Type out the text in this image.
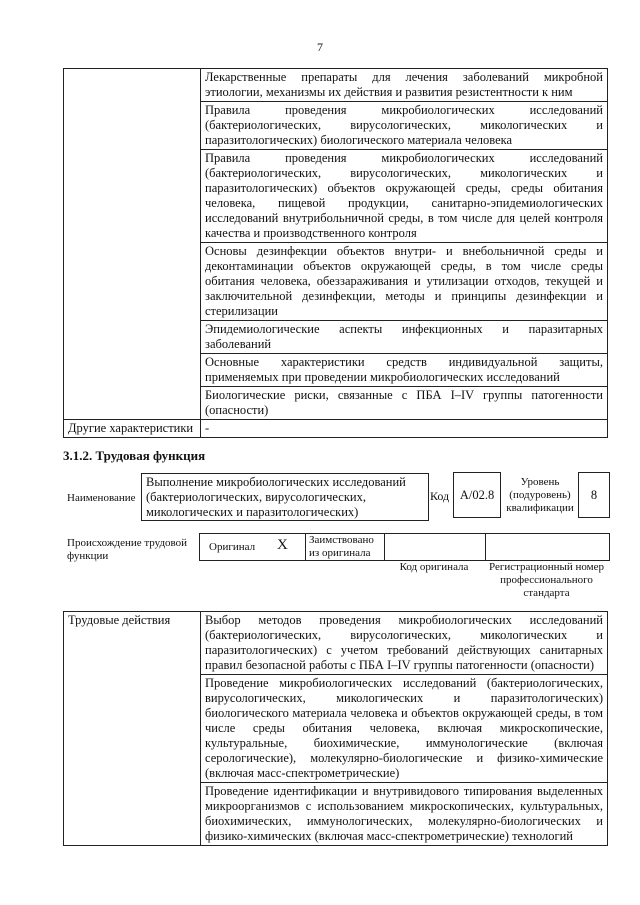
7
	Лекарственные препараты для лечения заболеваний микробной этиологии, механизмы их действия и развития резистентности к ним
	Правила проведения микробиологических исследований (бактериологических, вирусологических, микологических и паразитологических) биологического материала человека
	Правила проведения микробиологических исследований (бактериологических, вирусологических, микологических и паразитологических) объектов окружающей среды, среды обитания человека, пищевой продукции, санитарно-эпидемиологических исследований внутрибольничной среды, в том числе для целей контроля качества и производственного контроля
	Основы дезинфекции объектов внутри- и внебольничной среды и деконтаминации объектов окружающей среды, в том числе среды обитания человека, обеззараживания и утилизации отходов, текущей и заключительной дезинфекции, методы и принципы дезинфекции и стерилизации
	Эпидемиологические аспекты инфекционных и паразитарных заболеваний
	Основные характеристики средств индивидуальной защиты, применяемых при проведении микробиологических исследований
	Биологические риски, связанные с ПБА I–IV группы патогенности (опасности)
Другие характеристики	-
3.1.2. Трудовая функция
Наименование
Выполнение микробиологических исследований (бактериологических, вирусологических, микологических и паразитологических)
Код A/02.8
Уровень (подуровень) квалификации
8
Происхождение трудовой функции
Оригинал X Заимствовано из оригинала
Код оригинала	Регистрационный номер профессионального стандарта
Трудовые действия	Выбор методов проведения микробиологических исследований (бактериологических, вирусологических, микологических и паразитологических) с учетом требований действующих санитарных правил безопасной работы с ПБА I–IV группы патогенности (опасности)
Проведение микробиологических исследований (бактериологических, вирусологических, микологических и паразитологических) биологического материала человека и объектов окружающей среды, в том числе среды обитания человека, включая микроскопические, культуральные, биохимические, иммунологические (включая серологические), молекулярно-биологические и физико-химические (включая масс-спектрометрические)
Проведение идентификации и внутривидового типирования выделенных микроорганизмов с использованием микроскопических, культуральных, биохимических, иммунологических, молекулярно-биологических и физико-химических (включая масс-спектрометрические) технологий
